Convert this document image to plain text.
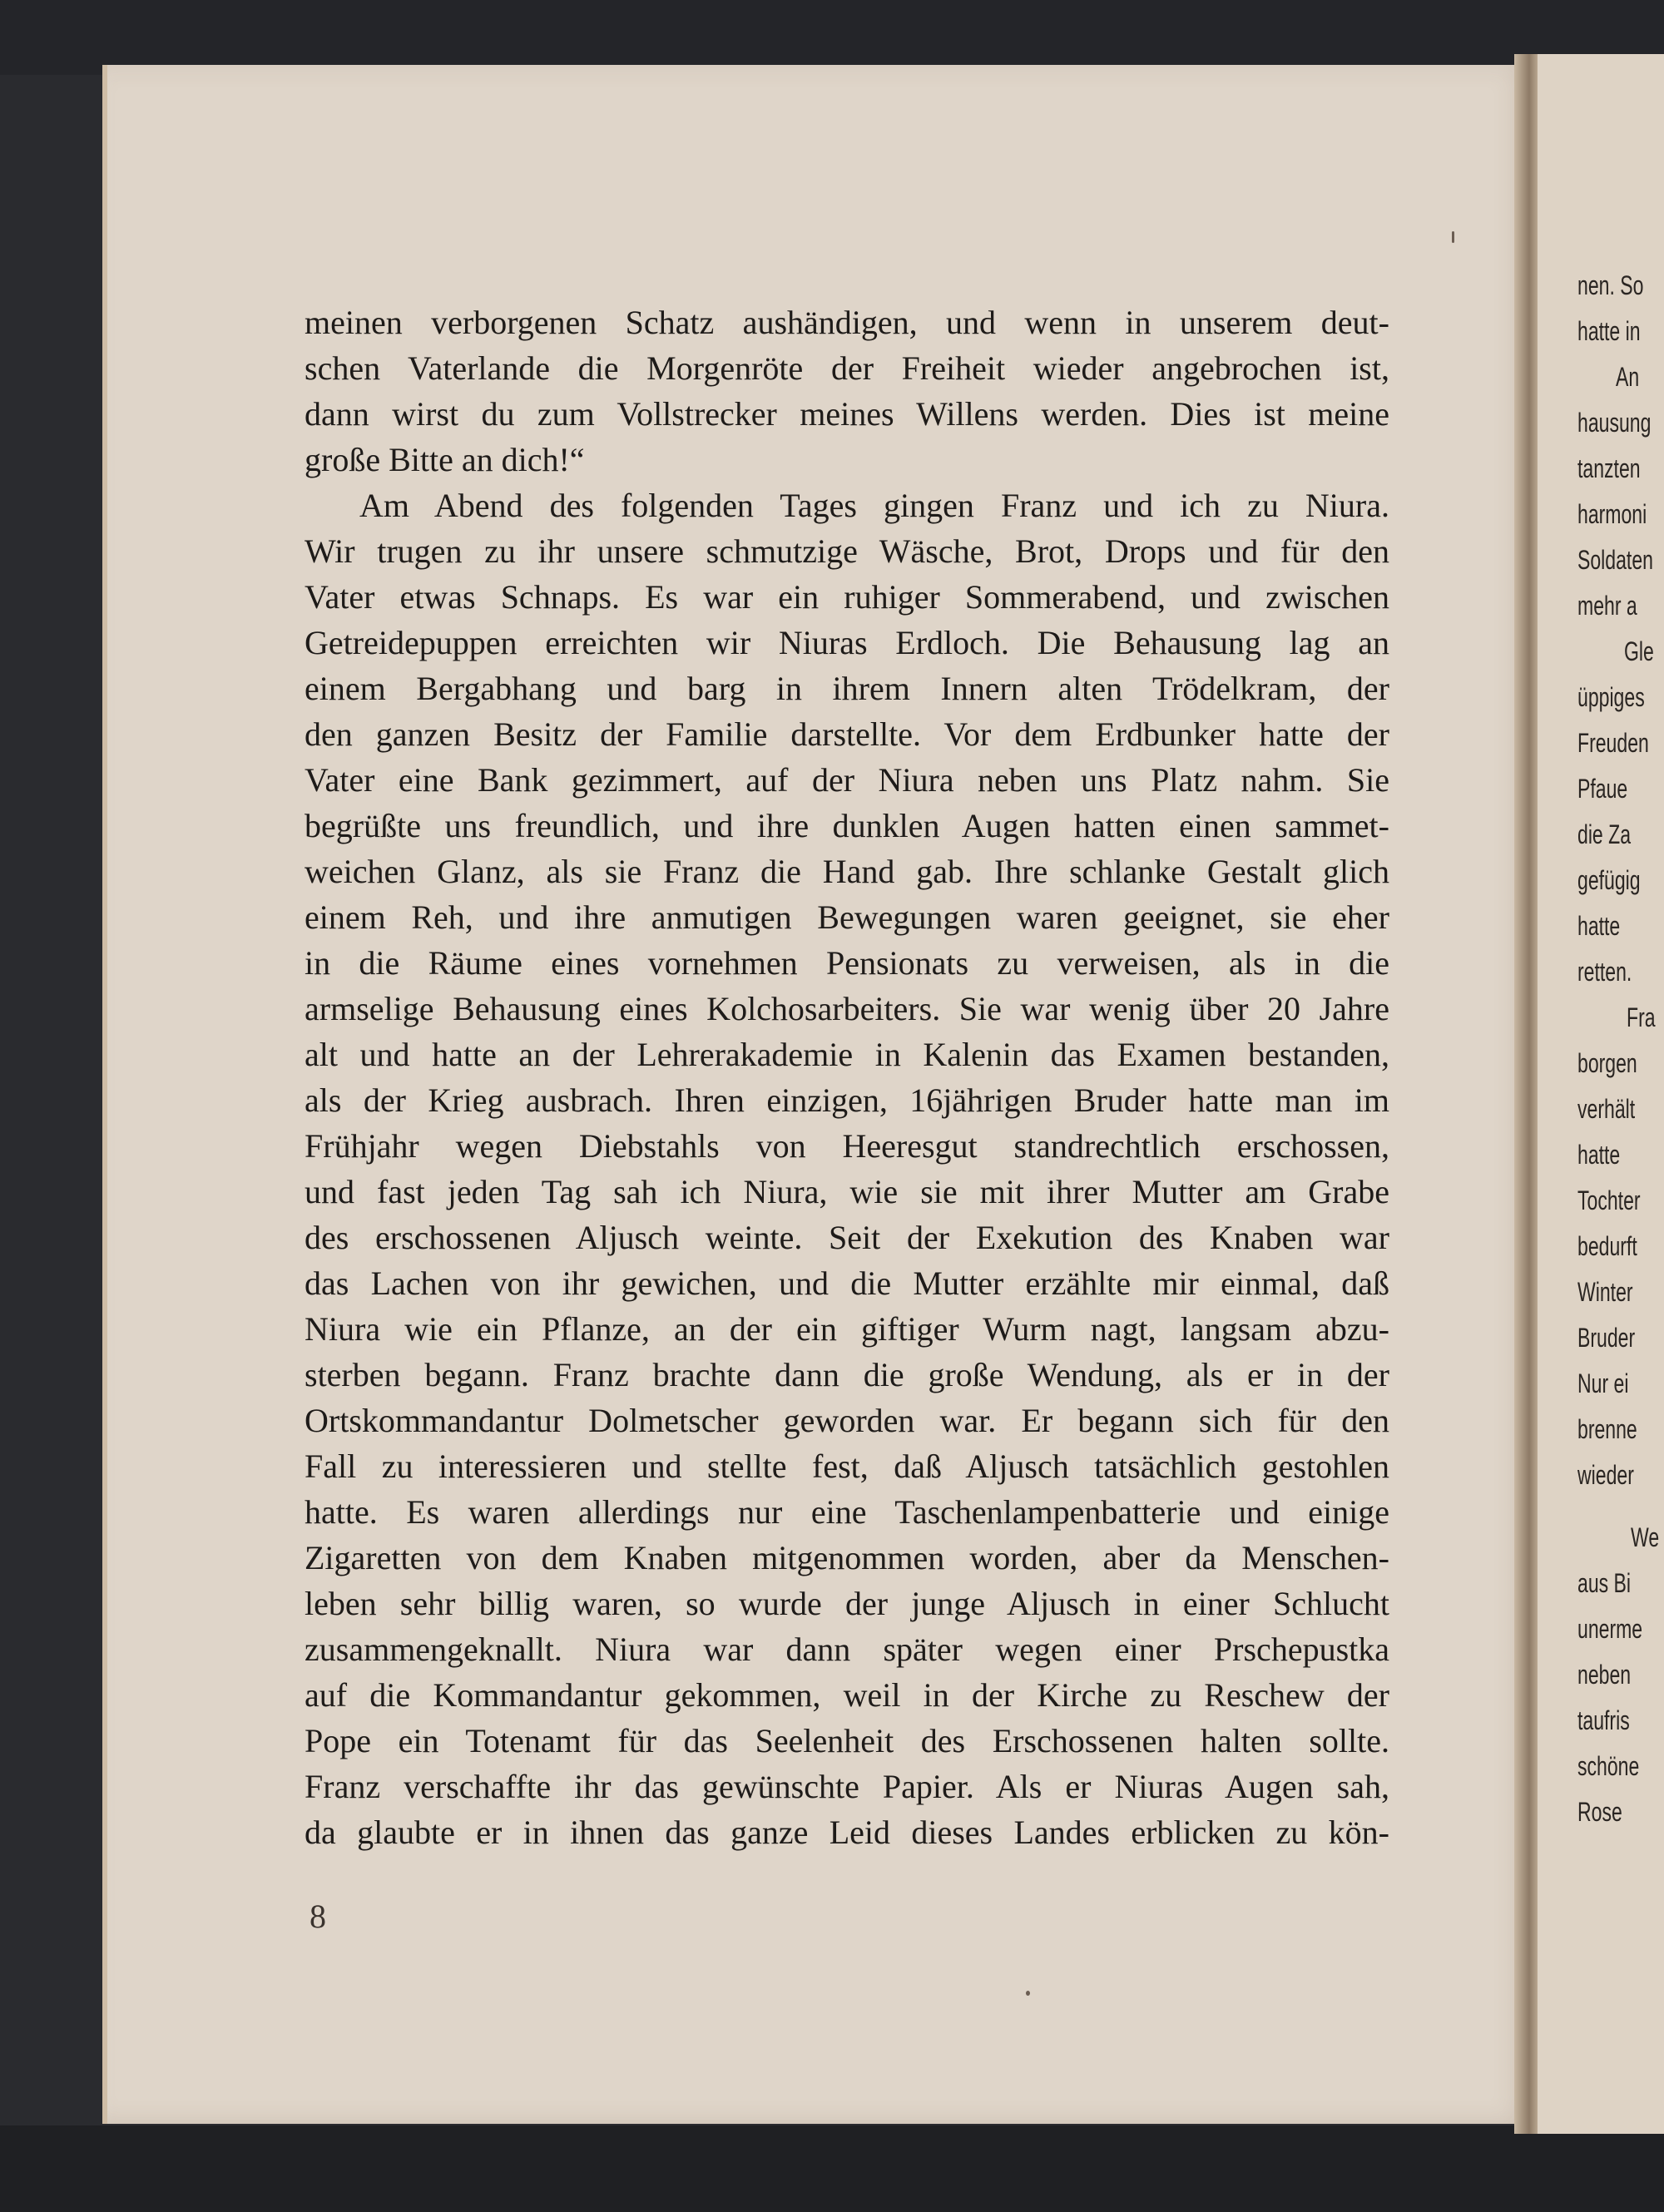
meinen verborgenen Schatz aushändigen, und wenn in unserem deut-
schen Vaterlande die Morgenröte der Freiheit wieder angebrochen ist,
dann wirst du zum Vollstrecker meines Willens werden. Dies ist meine
große Bitte an dich!“
Am Abend des folgenden Tages gingen Franz und ich zu Niura.
Wir trugen zu ihr unsere schmutzige Wäsche, Brot, Drops und für den
Vater etwas Schnaps. Es war ein ruhiger Sommerabend, und zwischen
Getreidepuppen erreichten wir Niuras Erdloch. Die Behausung lag an
einem Bergabhang und barg in ihrem Innern alten Trödelkram, der
den ganzen Besitz der Familie darstellte. Vor dem Erdbunker hatte der
Vater eine Bank gezimmert, auf der Niura neben uns Platz nahm. Sie
begrüßte uns freundlich, und ihre dunklen Augen hatten einen sammet-
weichen Glanz, als sie Franz die Hand gab. Ihre schlanke Gestalt glich
einem Reh, und ihre anmutigen Bewegungen waren geeignet, sie eher
in die Räume eines vornehmen Pensionats zu verweisen, als in die
armselige Behausung eines Kolchosarbeiters. Sie war wenig über 20 Jahre
alt und hatte an der Lehrerakademie in Kalenin das Examen bestanden,
als der Krieg ausbrach. Ihren einzigen, 16jährigen Bruder hatte man im
Frühjahr wegen Diebstahls von Heeresgut standrechtlich erschossen,
und fast jeden Tag sah ich Niura, wie sie mit ihrer Mutter am Grabe
des erschossenen Aljusch weinte. Seit der Exekution des Knaben war
das Lachen von ihr gewichen, und die Mutter erzählte mir einmal, daß
Niura wie ein Pflanze, an der ein giftiger Wurm nagt, langsam abzu-
sterben begann. Franz brachte dann die große Wendung, als er in der
Ortskommandantur Dolmetscher geworden war. Er begann sich für den
Fall zu interessieren und stellte fest, daß Aljusch tatsächlich gestohlen
hatte. Es waren allerdings nur eine Taschenlampenbatterie und einige
Zigaretten von dem Knaben mitgenommen worden, aber da Menschen-
leben sehr billig waren, so wurde der junge Aljusch in einer Schlucht
zusammengeknallt. Niura war dann später wegen einer Prschepustka
auf die Kommandantur gekommen, weil in der Kirche zu Reschew der
Pope ein Totenamt für das Seelenheit des Erschossenen halten sollte.
Franz verschaffte ihr das gewünschte Papier. Als er Niuras Augen sah,
da glaubte er in ihnen das ganze Leid dieses Landes erblicken zu kön-
8
nen. So
hatte in
An
hausung
tanzten
harmoni
Soldaten
mehr a
Gle
üppiges
Freuden
Pfaue
die Za
gefügig
hatte
retten.
Fra
borgen
verhält
hatte
Tochter
bedurft
Winter
Bruder
Nur ei
brenne
wieder
We
aus Bi
unerme
neben
taufris
schöne
Rose
